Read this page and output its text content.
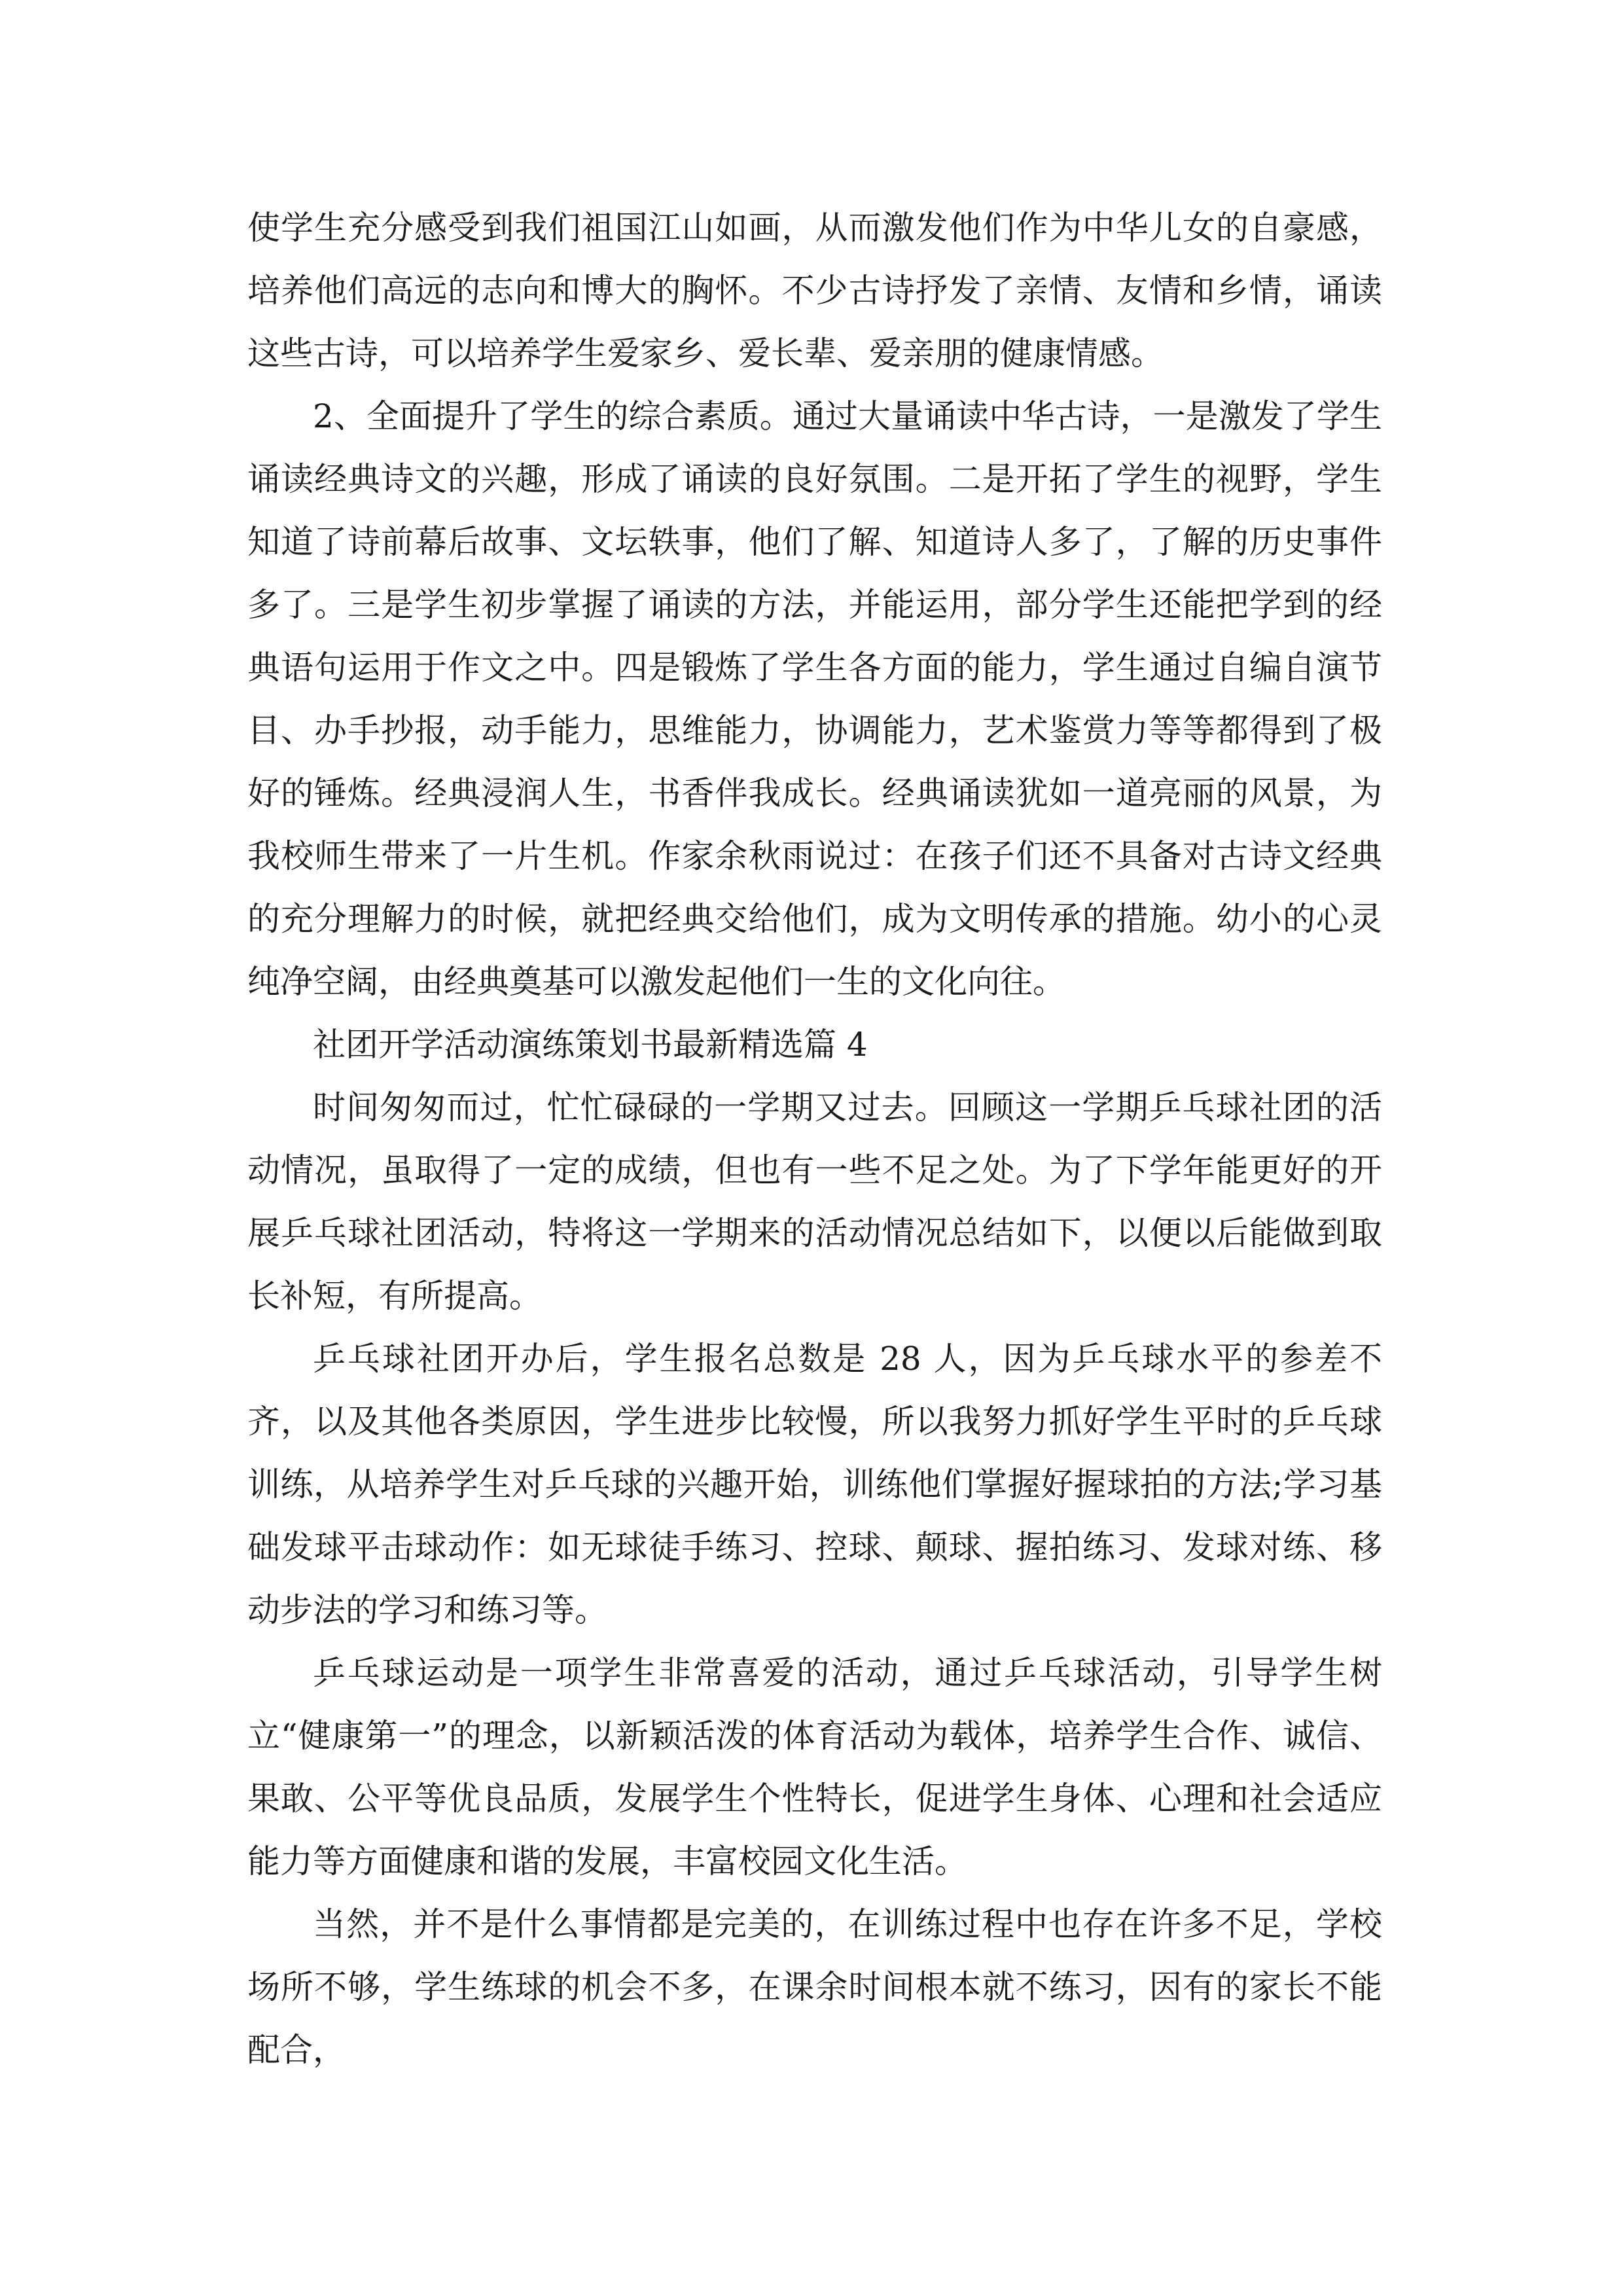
使学生充分感受到我们祖国江山如画，从而激发他们作为中华儿女的自豪感，培养他们高远的志向和博大的胸怀。不少古诗抒发了亲情、友情和乡情，诵读这些古诗，可以培养学生爱家乡、爱长辈、爱亲朋的健康情感。

2、全面提升了学生的综合素质。通过大量诵读中华古诗，一是激发了学生诵读经典诗文的兴趣，形成了诵读的良好氛围。二是开拓了学生的视野，学生知道了诗前幕后故事、文坛轶事，他们了解、知道诗人多了，了解的历史事件多了。三是学生初步掌握了诵读的方法，并能运用，部分学生还能把学到的经典语句运用于作文之中。四是锻炼了学生各方面的能力，学生通过自编自演节目、办手抄报，动手能力，思维能力，协调能力，艺术鉴赏力等等都得到了极好的锤炼。经典浸润人生，书香伴我成长。经典诵读犹如一道亮丽的风景，为我校师生带来了一片生机。作家余秋雨说过：在孩子们还不具备对古诗文经典的充分理解力的时候，就把经典交给他们，成为文明传承的措施。幼小的心灵纯净空阔，由经典奠基可以激发起他们一生的文化向往。

社团开学活动演练策划书最新精选篇 4

时间匆匆而过，忙忙碌碌的一学期又过去。回顾这一学期乒乓球社团的活动情况，虽取得了一定的成绩，但也有一些不足之处。为了下学年能更好的开展乒乓球社团活动，特将这一学期来的活动情况总结如下，以便以后能做到取长补短，有所提高。

乒乓球社团开办后，学生报名总数是 28 人，因为乒乓球水平的参差不齐，以及其他各类原因，学生进步比较慢，所以我努力抓好学生平时的乒乓球训练，从培养学生对乒乓球的兴趣开始，训练他们掌握好握球拍的方法;学习基础发球平击球动作：如无球徒手练习、控球、颠球、握拍练习、发球对练、移动步法的学习和练习等。

乒乓球运动是一项学生非常喜爱的活动，通过乒乓球活动，引导学生树立“健康第一”的理念，以新颖活泼的体育活动为载体，培养学生合作、诚信、果敢、公平等优良品质，发展学生个性特长，促进学生身体、心理和社会适应能力等方面健康和谐的发展，丰富校园文化生活。

当然，并不是什么事情都是完美的，在训练过程中也存在许多不足，学校场所不够，学生练球的机会不多，在课余时间根本就不练习，因有的家长不能配合，
